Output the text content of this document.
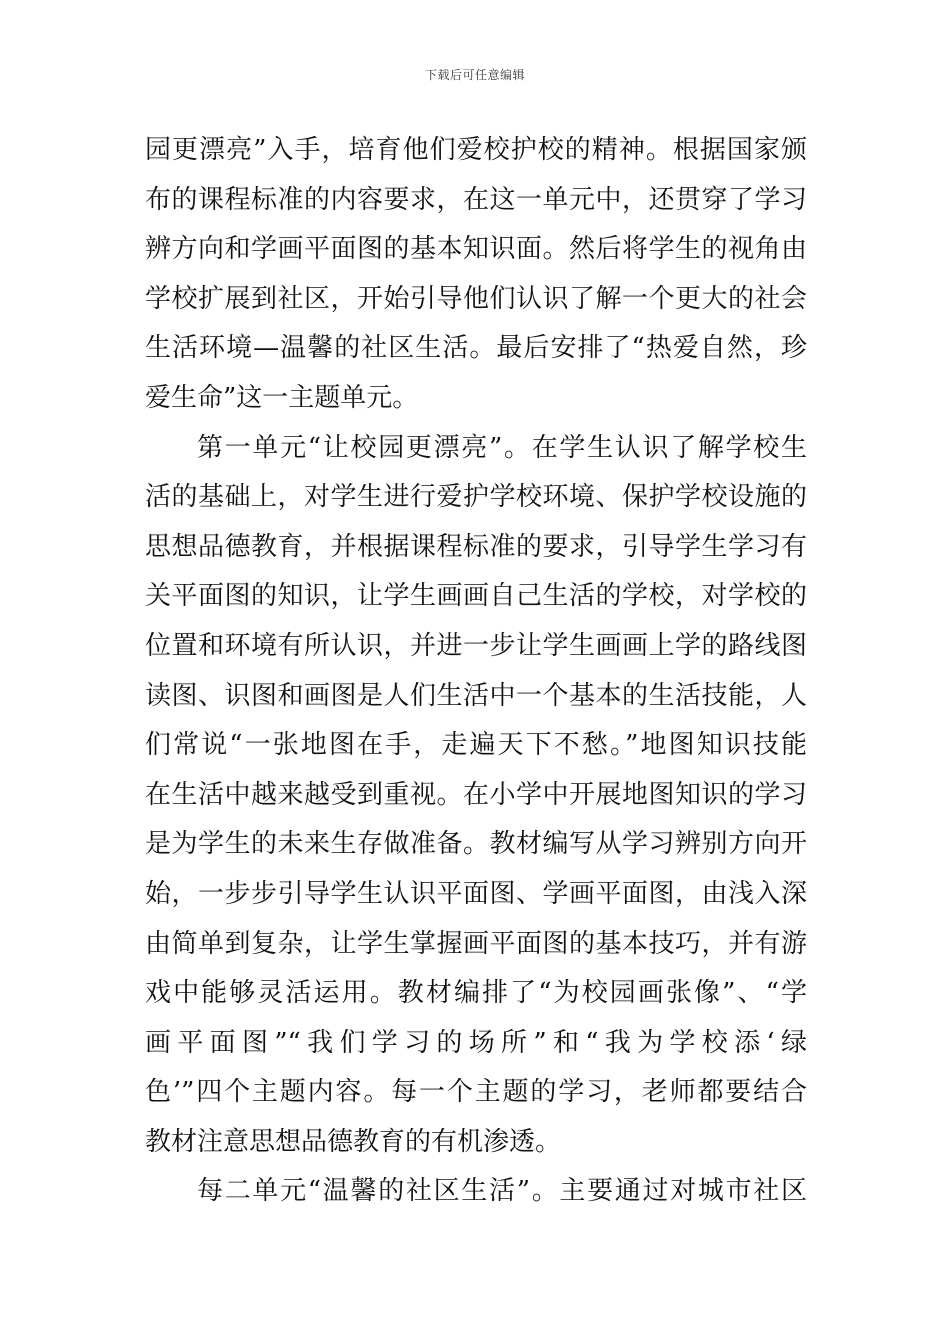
下载后可任意编辑
园更漂亮”入手，培育他们爱校护校的精神。根据国家颁
布的课程标准的内容要求，在这一单元中，还贯穿了学习
辨方向和学画平面图的基本知识面。然后将学生的视角由
学校扩展到社区，开始引导他们认识了解一个更大的社会
生活环境—温馨的社区生活。最后安排了“热爱自然，珍
爱生命”这一主题单元。
第一单元“让校园更漂亮”。在学生认识了解学校生
活的基础上，对学生进行爱护学校环境、保护学校设施的
思想品德教育，并根据课程标准的要求，引导学生学习有
关平面图的知识，让学生画画自己生活的学校，对学校的
位置和环境有所认识，并进一步让学生画画上学的路线图
读图、识图和画图是人们生活中一个基本的生活技能，人
们常说“一张地图在手，走遍天下不愁。”地图知识技能
在生活中越来越受到重视。在小学中开展地图知识的学习
是为学生的未来生存做准备。教材编写从学习辨别方向开
始，一步步引导学生认识平面图、学画平面图，由浅入深
由简单到复杂，让学生掌握画平面图的基本技巧，并有游
戏中能够灵活运用。教材编排了“为校园画张像”、“学
画平面图”“我们学习的场所”和“我为学校添‘绿
色’”四个主题内容。每一个主题的学习，老师都要结合
教材注意思想品德教育的有机渗透。
每二单元“温馨的社区生活”。主要通过对城市社区
